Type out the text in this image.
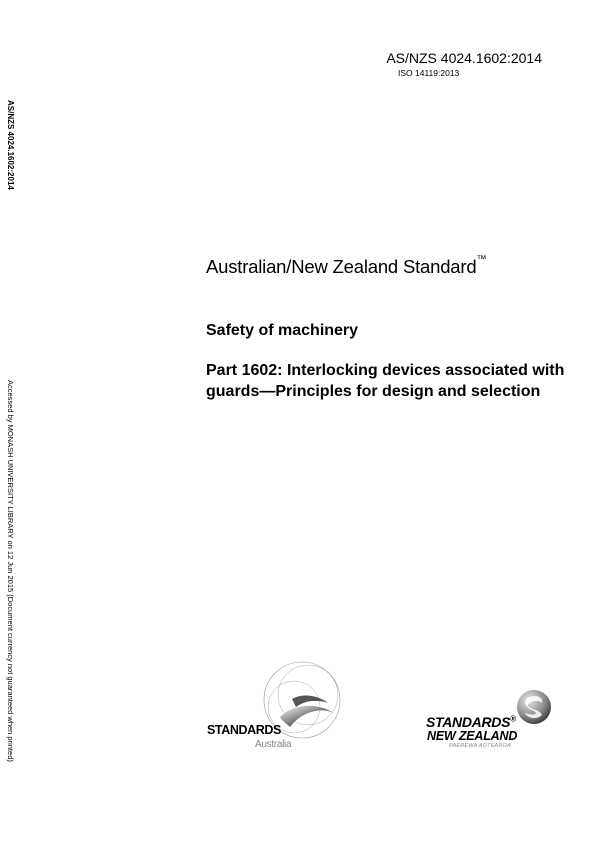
AS/NZS 4024.1602:2014
ISO 14119:2013
AS/NZS 4024.1602:2014
Accessed by MONASH UNIVERSITY LIBRARY on 12 Jun 2015 (Document currency not guaranteed when printed)
Australian/New Zealand Standard™
Safety of machinery
Part 1602: Interlocking devices associated with guards—Principles for design and selection
STANDARDS
Australia
STANDARDS®
NEW ZEALAND
PAEREWA AOTEAROA
